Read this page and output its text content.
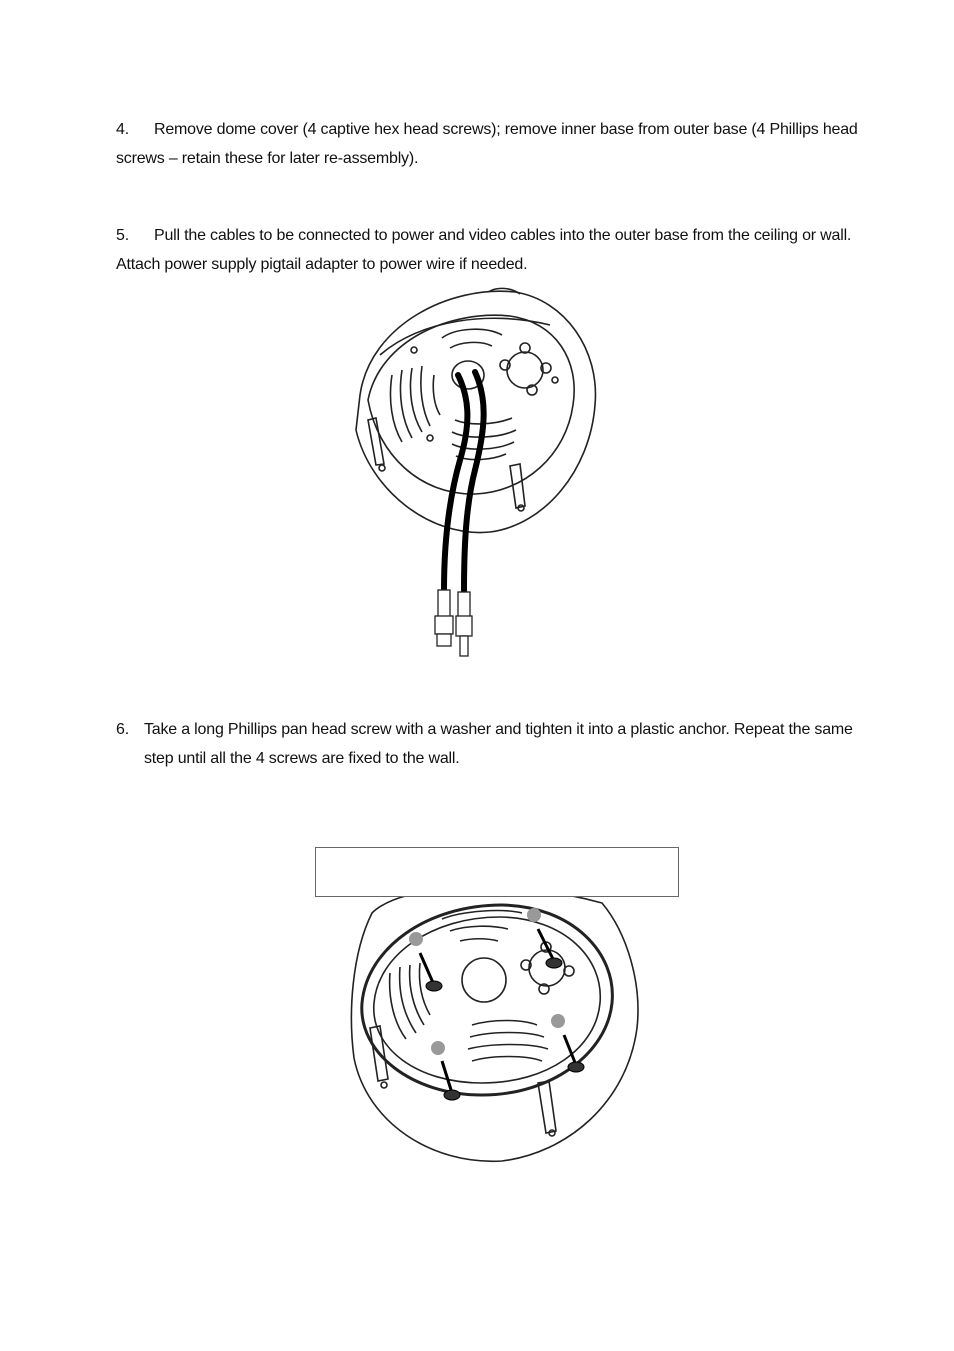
4. Remove dome cover (4 captive hex head screws); remove inner base from outer base (4 Phillips head
screws – retain these for later re-assembly).
5. Pull the cables to be connected to power and video cables into the outer base from the ceiling or wall.
Attach power supply pigtail adapter to power wire if needed.
6. Take a long Phillips pan head screw with a washer and tighten it into a plastic anchor. Repeat the same
step until all the 4 screws are fixed to the wall.
